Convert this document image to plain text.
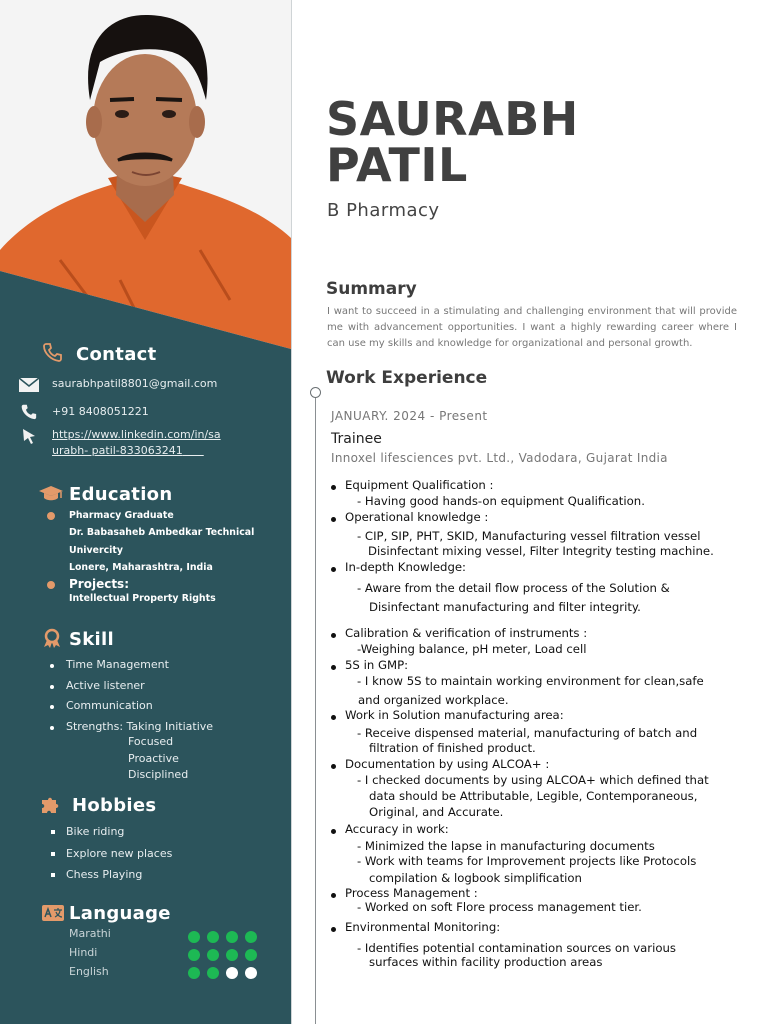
Contact
saurabhpatil8801@gmail.com
+91 8408051221
https://www.linkedin.com/in/sa
urabh- patil-833063241
Education
Pharmacy Graduate
Dr. Babasaheb Ambedkar Technical
Univercity
Lonere, Maharashtra, India
Projects:
Intellectual Property Rights
Skill
Time Management
Active listener
Communication
Strengths: Taking Initiative
Focused
Proactive
Disciplined
Hobbies
Bike riding
Explore new places
Chess Playing
Language
Marathi
Hindi
English
SAURABH
PATIL
B Pharmacy
Summary
I want to succeed in a stimulating and challenging environment that will provide me with advancement opportunities. I want a highly rewarding career where I can use my skills and knowledge for organizational and personal growth.
Work Experience
JANUARY. 2024 - Present
Trainee
Innoxel lifesciences pvt. Ltd., Vadodara, Gujarat India
Equipment Qualification :
- Having good hands-on equipment Qualification.
Operational knowledge :
- CIP, SIP, PHT, SKID, Manufacturing vessel filtration vessel
Disinfectant mixing vessel, Filter Integrity testing machine.
In-depth Knowledge:
- Aware from the detail flow process of the Solution &
Disinfectant manufacturing and filter integrity.
Calibration & verification of instruments :
-Weighing balance, pH meter, Load cell
5S in GMP:
- I know 5S to maintain working environment for clean,safe
and organized workplace.
Work in Solution manufacturing area:
- Receive dispensed material, manufacturing of batch and
filtration of finished product.
Documentation by using ALCOA+ :
- I checked documents by using ALCOA+ which defined that
data should be Attributable, Legible, Contemporaneous,
Original, and Accurate.
Accuracy in work:
- Minimized the lapse in manufacturing documents
- Work with teams for Improvement projects like Protocols
compilation & logbook simplification
Process Management :
- Worked on soft Flore process management tier.
Environmental Monitoring:
- Identifies potential contamination sources on various
surfaces within facility production areas
